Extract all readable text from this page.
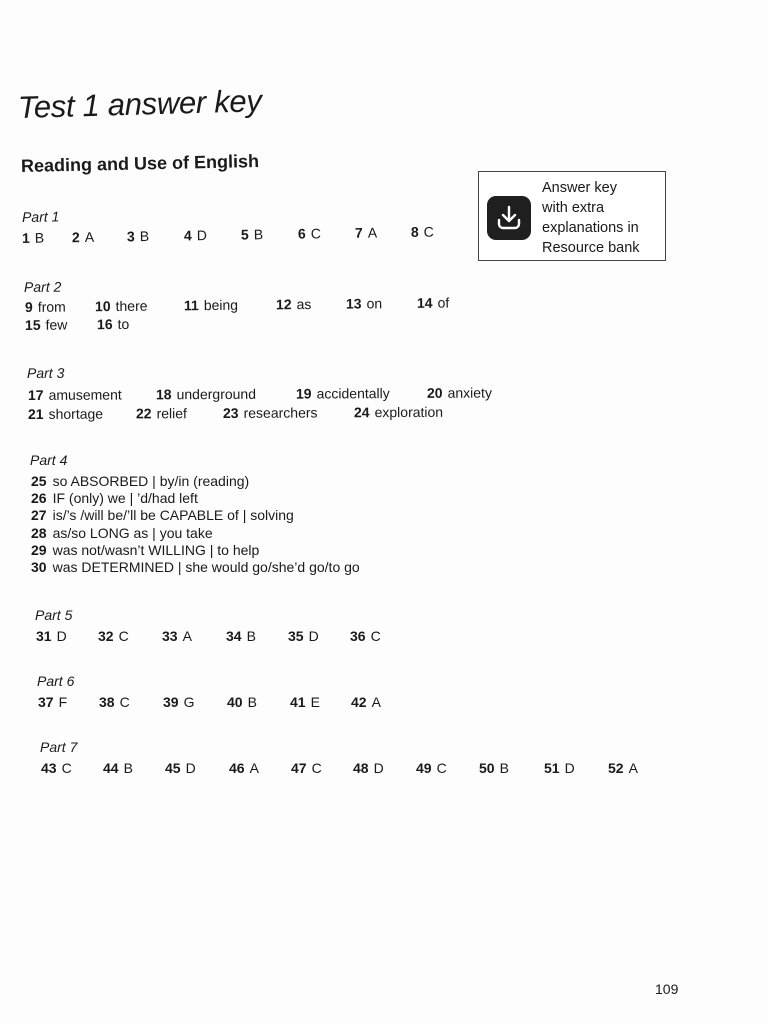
Test 1 answer key
Reading and Use of English
Answer key
with extra
explanations in
Resource bank
Part 1
1 B 2 A 3 B 4 D 5 B 6 C 7 A 8 C
Part 2
9 from 10 there	11 being	12 as 13 on 14 of
15 few 16 to
Part 3
17 amusement 18 underground	19 accidentally	20 anxiety
21 shortage 22 relief	23 researchers	24 exploration
Part 4
25 so ABSORBED | by/in (reading)
26 IF (only) we | ’d/had left
27 is/’s /will be/’ll be CAPABLE of | solving
28 as/so LONG as | you take
29 was not/wasn’t WILLING | to help
30 was DETERMINED | she would go/she’d go/to go
Part 5
31 D 32 C 33 A 34 B 35 D 36 C
Part 6
37 F 38 C 39 G 40 B 41 E 42 A
Part 7
43 C 44 B 45 D 46 A 47 C 48 D 49 C 50 B	51 D 52 A
109
